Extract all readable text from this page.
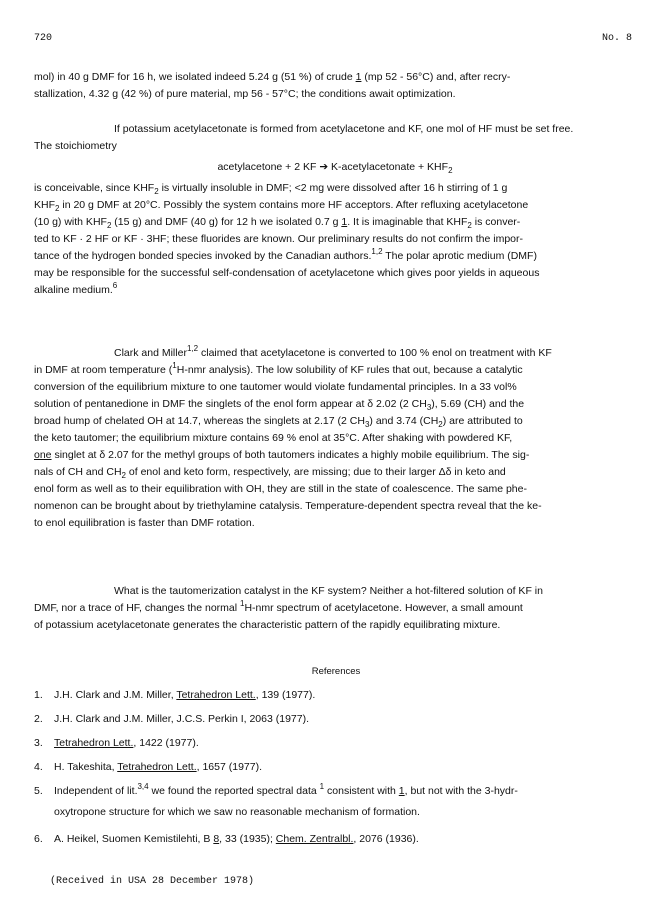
720	No. 8

mol) in 40 g DMF for 16 h, we isolated indeed 5.24 g (51 %) of crude 1 (mp 52 - 56°C) and, after recry-

stallization, 4.32 g (42 %) of pure material, mp 56 - 57°C; the conditions await optimization.

If potassium acetylacetonate is formed from acetylacetone and KF, one mol of HF must be set free.

The stoichiometry

acetylacetone + 2 KF ➔ K-acetylacetonate + $KHF_2$

is conceivable, since $KHF_2$ is virtually insoluble in DMF; <2 mg were dissolved after 16 h stirring of 1 g

$KHF_2$ in 20 g DMF at 20°C. Possibly the system contains more HF acceptors. After refluxing acetylacetone

(10 g) with $KHF_2$ (15 g) and DMF (40 g) for 12 h we isolated 0.7 g 1. It is imaginable that $KHF_2$ is conver-

ted to KF · 2 HF or KF · 3HF; these fluorides are known. Our preliminary results do not confirm the impor-

tance of the hydrogen bonded species invoked by the Canadian authors.$^{1,2}$ The polar aprotic medium (DMF)

may be responsible for the successful self-condensation of acetylacetone which gives poor yields in aqueous

alkaline medium.$^6$

Clark and Miller$^{1,2}$ claimed that acetylacetone is converted to 100 % enol on treatment with KF

in DMF at room temperature ($^1$H-nmr analysis). The low solubility of KF rules that out, because a catalytic

conversion of the equilibrium mixture to one tautomer would violate fundamental principles. In a 33 vol%

solution of pentanedione in DMF the singlets of the enol form appear at δ 2.02 (2 $CH_3$), 5.69 (CH) and the

broad hump of chelated OH at 14.7, whereas the singlets at 2.17 (2 $CH_3$) and 3.74 $(CH_2)$ are attributed to

the keto tautomer; the equilibrium mixture contains 69 % enol at 35°C. After shaking with powdered KF,

one singlet at δ 2.07 for the methyl groups of both tautomers indicates a highly mobile equilibrium. The sig-

nals of CH and $CH_2$ of enol and keto form, respectively, are missing; due to their larger Δδ in keto and

enol form as well as to their equilibration with OH, they are still in the state of coalescence. The same phe-

nomenon can be brought about by triethylamine catalysis. Temperature-dependent spectra reveal that the ke-

to enol equilibration is faster than DMF rotation.

What is the tautomerization catalyst in the KF system? Neither a hot-filtered solution of KF in

DMF, nor a trace of HF, changes the normal $^1$H-nmr spectrum of acetylacetone. However, a small amount

of potassium acetylacetonate generates the characteristic pattern of the rapidly equilibrating mixture.

References
1.	J.H. Clark and J.M. Miller, Tetrahedron Lett., 139 (1977).
2.	J.H. Clark and J.M. Miller, J.C.S. Perkin I, 2063 (1977).
3.	Tetrahedron Lett., 1422 (1977).
4.	H. Takeshita, Tetrahedron Lett., 1657 (1977).
5.	Independent of lit.$^{3,4}$ we found the reported spectral data $^1$ consistent with 1, but not with the 3-hydr-
oxytropone structure for which we saw no reasonable mechanism of formation.
6.	A. Heikel, Suomen Kemistilehti, B 8, 33 (1935); Chem. Zentralbl., 2076 (1936).
(Received in USA 28 December 1978)
